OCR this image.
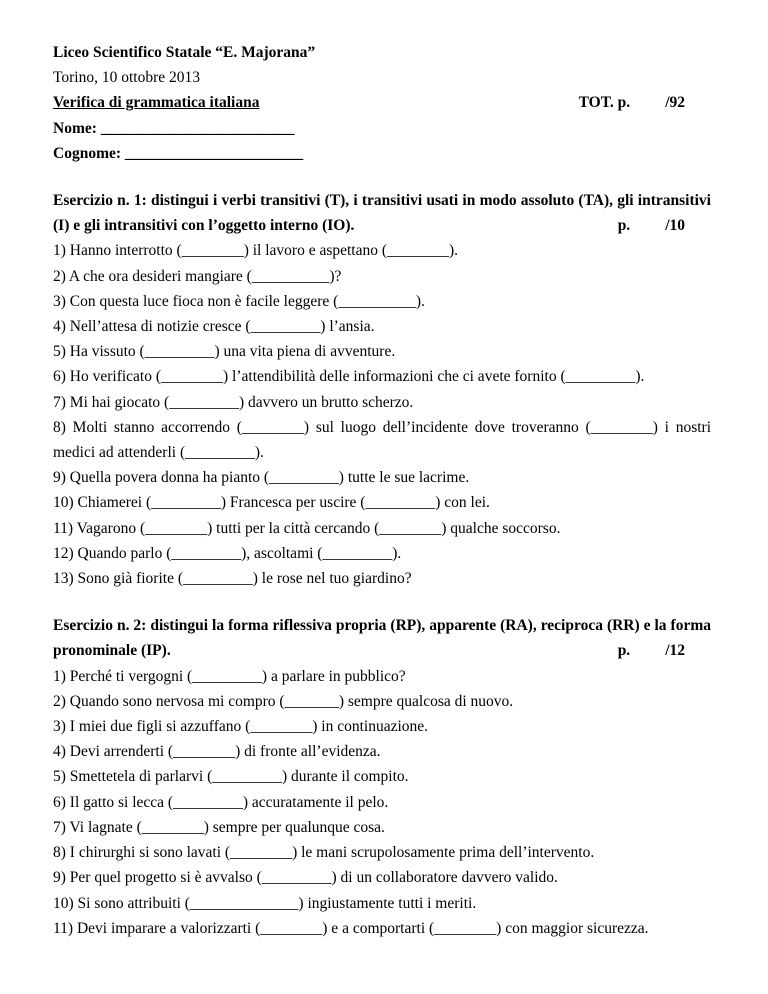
Liceo Scientifico Statale “E. Majorana”

Torino, 10 ottobre 2013

Verifica di grammatica italiana	TOT. p. /92

Nome: _________________________

Cognome: _______________________

Esercizio n. 1: distingui i verbi transitivi (T), i transitivi usati in modo assoluto (TA), gli intransitivi

(I) e gli intransitivi con l’oggetto interno (IO).	p. /10

1) Hanno interrotto (________) il lavoro e aspettano (________).

2) A che ora desideri mangiare (__________)?

3) Con questa luce fioca non è facile leggere (__________).

4) Nell’attesa di notizie cresce (_________) l’ansia.

5) Ha vissuto (_________) una vita piena di avventure.

6) Ho verificato (________) l’attendibilità delle informazioni che ci avete fornito (_________).

7) Mi hai giocato (_________) davvero un brutto scherzo.

8) Molti stanno accorrendo (________) sul luogo dell’incidente dove troveranno (________) i nostri medici ad attenderli (_________).

9) Quella povera donna ha pianto (_________) tutte le sue lacrime.

10) Chiamerei (_________) Francesca per uscire (_________) con lei.

11) Vagarono (________) tutti per la città cercando (________) qualche soccorso.

12) Quando parlo (_________), ascoltami (_________).

13) Sono già fiorite (_________) le rose nel tuo giardino?

Esercizio n. 2: distingui la forma riflessiva propria (RP), apparente (RA), reciproca (RR) e la forma

pronominale (IP).	p. /12

1) Perché ti vergogni (_________) a parlare in pubblico?

2) Quando sono nervosa mi compro (_______) sempre qualcosa di nuovo.

3) I miei due figli si azzuffano (________) in continuazione.

4) Devi arrenderti (________) di fronte all’evidenza.

5) Smettetela di parlarvi (_________) durante il compito.

6) Il gatto si lecca (_________) accuratamente il pelo.

7) Vi lagnate (________) sempre per qualunque cosa.

8) I chirurghi si sono lavati (________) le mani scrupolosamente prima dell’intervento.

9) Per quel progetto si è avvalso (_________) di un collaboratore davvero valido.

10) Si sono attribuiti (______________) ingiustamente tutti i meriti.

11) Devi imparare a valorizzarti (________) e a comportarti (________) con maggior sicurezza.
